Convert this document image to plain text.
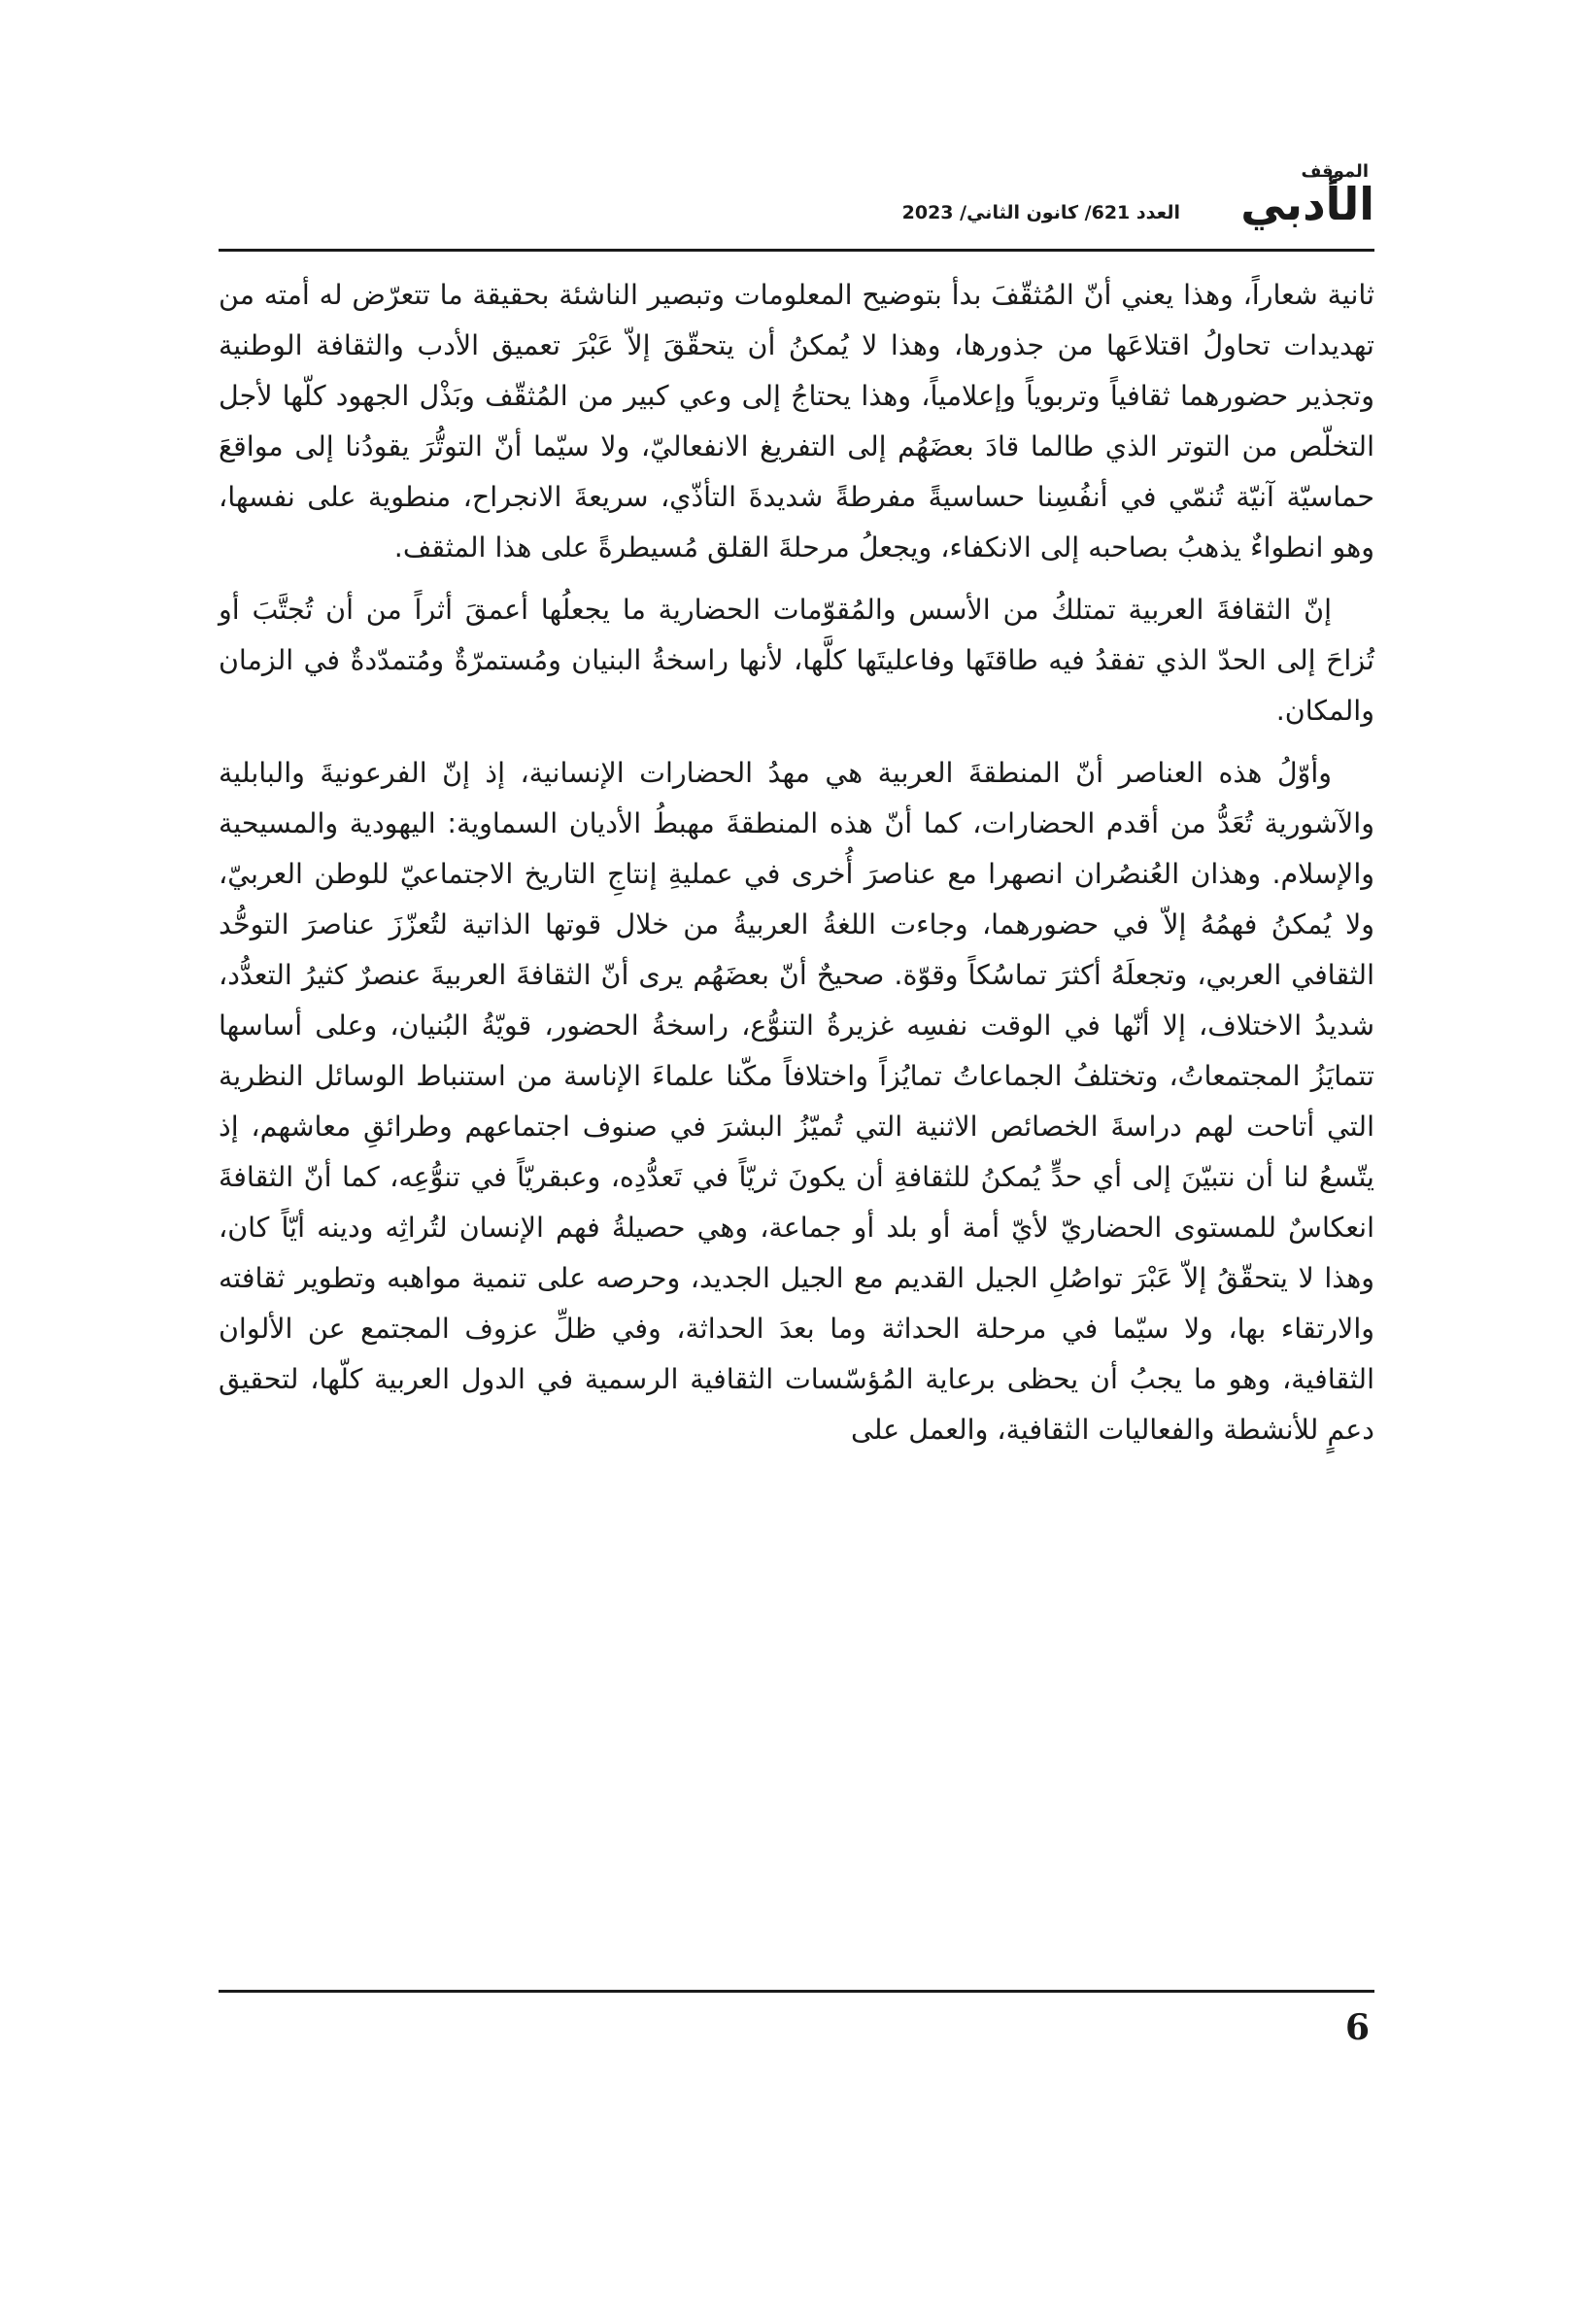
العدد 621/ كانون الثاني/ 2023
الموقف
الأدبي

ثانية شعاراً، وهذا يعني أنّ المُثقّفَ بدأ بتوضيح المعلومات وتبصير الناشئة بحقيقة ما تتعرّض له أمته من تهديدات تحاولُ اقتلاعَها من جذورها، وهذا لا يُمكنُ أن يتحقّقَ إلاّ عَبْرَ تعميق الأدب والثقافة الوطنية وتجذير حضورهما ثقافياً وتربوياً وإعلامياً، وهذا يحتاجُ إلى وعي كبير من المُثقّف وبَذْل الجهود كلّها لأجل التخلّص من التوتر الذي طالما قادَ بعضَهُم إلى التفريغ الانفعاليّ، ولا سيّما أنّ التوتُّرَ يقودُنا إلى مواقعَ حماسيّة آنيّة تُنمّي في أنفُسِنا حساسيةً مفرطةً شديدةَ التأذّي، سريعةَ الانجراح، منطوية على نفسها، وهو انطواءٌ يذهبُ بصاحبه إلى الانكفاء، ويجعلُ مرحلةَ القلق مُسيطرةً على هذا المثقف.

إنّ الثقافةَ العربية تمتلكُ من الأسس والمُقوّمات الحضارية ما يجعلُها أعمقَ أثراً من أن تُجتَّبَ أو تُزاحَ إلى الحدّ الذي تفقدُ فيه طاقتَها وفاعليتَها كلَّها، لأنها راسخةُ البنيان ومُستمرّةٌ ومُتمدّدةٌ في الزمان والمكان.

وأوّلُ هذه العناصر أنّ المنطقةَ العربية هي مهدُ الحضارات الإنسانية، إذ إنّ الفرعونيةَ والبابلية والآشورية تُعَدُّ من أقدم الحضارات، كما أنّ هذه المنطقةَ مهبطُ الأديان السماوية: اليهودية والمسيحية والإسلام. وهذان العُنصُران انصهرا مع عناصرَ أُخرى في عمليةِ إنتاجِ التاريخ الاجتماعيّ للوطن العربيّ، ولا يُمكنُ فهمُهُ إلاّ في حضورهما، وجاءت اللغةُ العربيةُ من خلال قوتها الذاتية لتُعزّزَ عناصرَ التوحُّد الثقافي العربي، وتجعلَهُ أكثرَ تماسُكاً وقوّة. صحيحٌ أنّ بعضَهُم يرى أنّ الثقافةَ العربيةَ عنصرٌ كثيرُ التعدُّد، شديدُ الاختلاف، إلا أنّها في الوقت نفسِه غزيرةُ التنوُّع، راسخةُ الحضور، قويّةُ البُنيان، وعلى أساسها تتمايَزُ المجتمعاتُ، وتختلفُ الجماعاتُ تمايُزاً واختلافاً مكّنا علماءَ الإناسة من استنباط الوسائل النظرية التي أتاحت لهم دراسةَ الخصائص الاثنية التي تُميّزُ البشرَ في صنوف اجتماعهم وطرائقِ معاشهم، إذ يتّسعُ لنا أن نتبيّنَ إلى أي حدٍّ يُمكنُ للثقافةِ أن يكونَ ثريّاً في تَعدُّدِه، وعبقريّاً في تنوُّعِه، كما أنّ الثقافةَ انعكاسٌ للمستوى الحضاريّ لأيّ أمة أو بلد أو جماعة، وهي حصيلةُ فهم الإنسان لتُراثِه ودينه أيّاً كان، وهذا لا يتحقّقُ إلاّ عَبْرَ تواصُلِ الجيل القديم مع الجيل الجديد، وحرصه على تنمية مواهبه وتطوير ثقافته والارتقاء بها، ولا سيّما في مرحلة الحداثة وما بعدَ الحداثة، وفي ظلِّ عزوف المجتمع عن الألوان الثقافية، وهو ما يجبُ أن يحظى برعاية المُؤسّسات الثقافية الرسمية في الدول العربية كلّها، لتحقيق دعمٍ للأنشطة والفعاليات الثقافية، والعمل على

6
